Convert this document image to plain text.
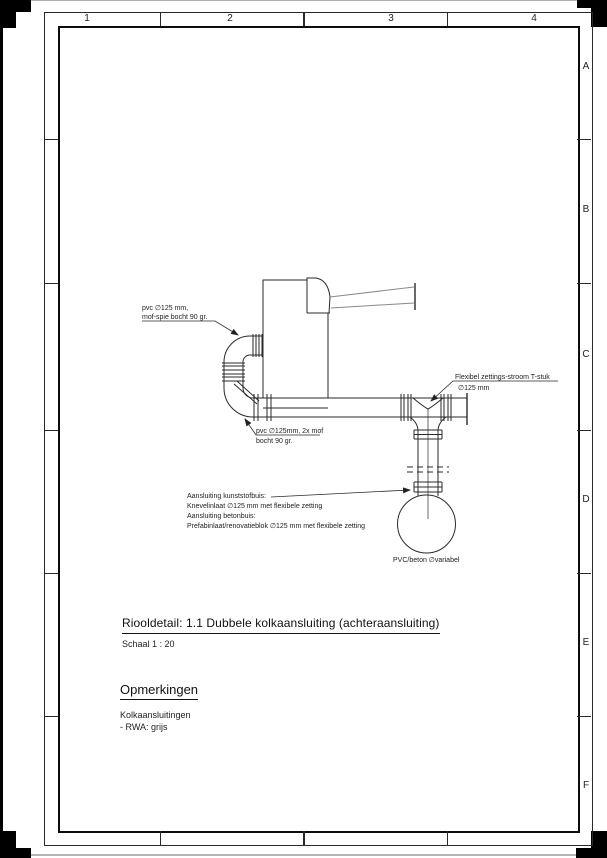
1	2	3	4
A
B
C
D
E
F
pvc ∅125 mm,
mof-spie bocht 90 gr.
pvc ∅125mm, 2x mof
bocht 90 gr.
Flexibel zettings-stroom T-stuk
∅125 mm
Aansluiting kunststofbuis:
Knevelinlaat ∅125 mm met flexibele zetting
Aansluiting betonbuis:
Prefabinlaat/renovatieblok ∅125 mm met flexibele zetting
PVC/beton ∅variabel
Riooldetail: 1.1 Dubbele kolkaansluiting (achteraansluiting)
Schaal 1 : 20
Opmerkingen
Kolkaansluitingen
- RWA: grijs
